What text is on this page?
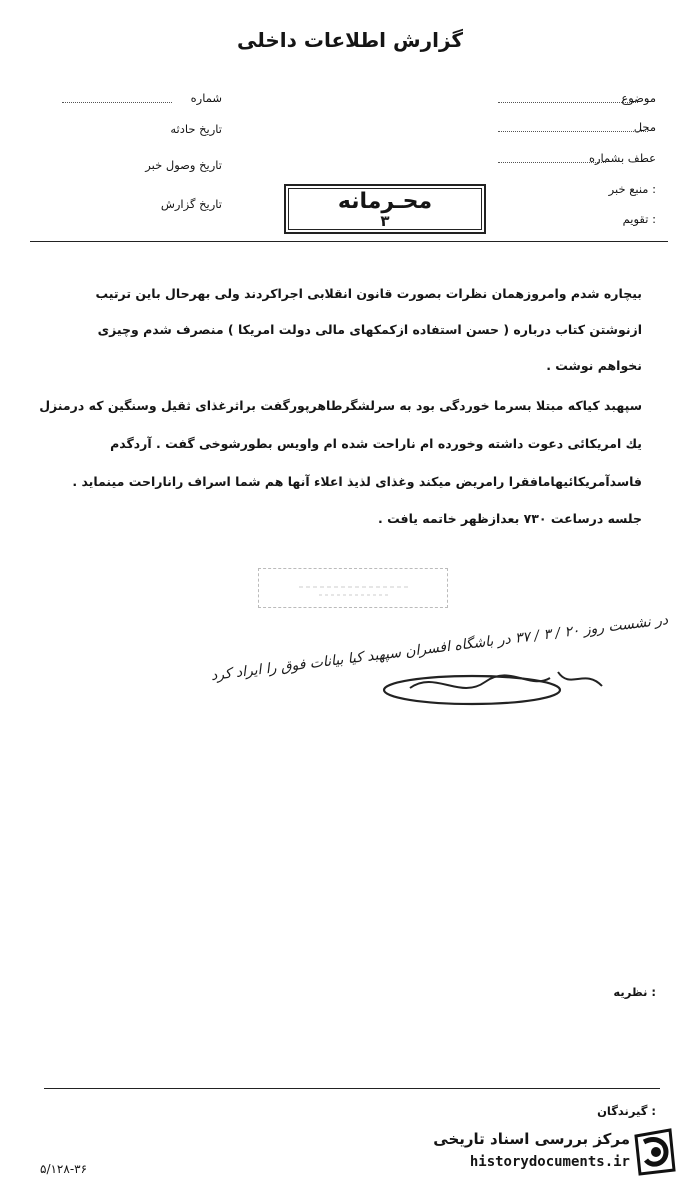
گزارش اطلاعات داخلی
موضوع
محل
عطف بشماره
منبع خبر :
تقویم :
شماره
تاریخ حادثه
تاریخ وصول خبر
تاریخ گزارش	محـرمانه
۳
بیچاره شدم وامروزهمان نظرات بصورت قانون انقلابی اجراکردند ولی بهرحال باین ترتیب
ازنوشتن کتاب درباره ( حسن استفاده ازکمکهای مالی دولت امریکا ) منصرف شدم وچیزی
نخواهم نوشت .
سپهبد کیاکه مبتلا بسرما خوردگی بود به سرلشگرطاهرپورگفت براثرغذای ثقیل وسنگین که درمنزل
یك امریکائی دعوت داشته وخورده ام ناراحت شده ام واویس بطورشوخی گفت . آردگدم
فاسدآمریکائیهامافقرا رامریض میکند وغذای لذیذ اعلاء آنها هم شما اسراف راناراحت مینماید .
جلسه درساعت ۷۳۰ بعدازظهر خاتمه یافت .
در نشست روز ۲۰ / ۳ / ۳۷ در باشگاه افسران سپهبد کیا بیانات فوق را ایراد کرد
نظریه :
گیرندگان :
۵/۱۲۸-۳۶
مرکز بررسی اسناد تاریخی
historydocuments.ir
